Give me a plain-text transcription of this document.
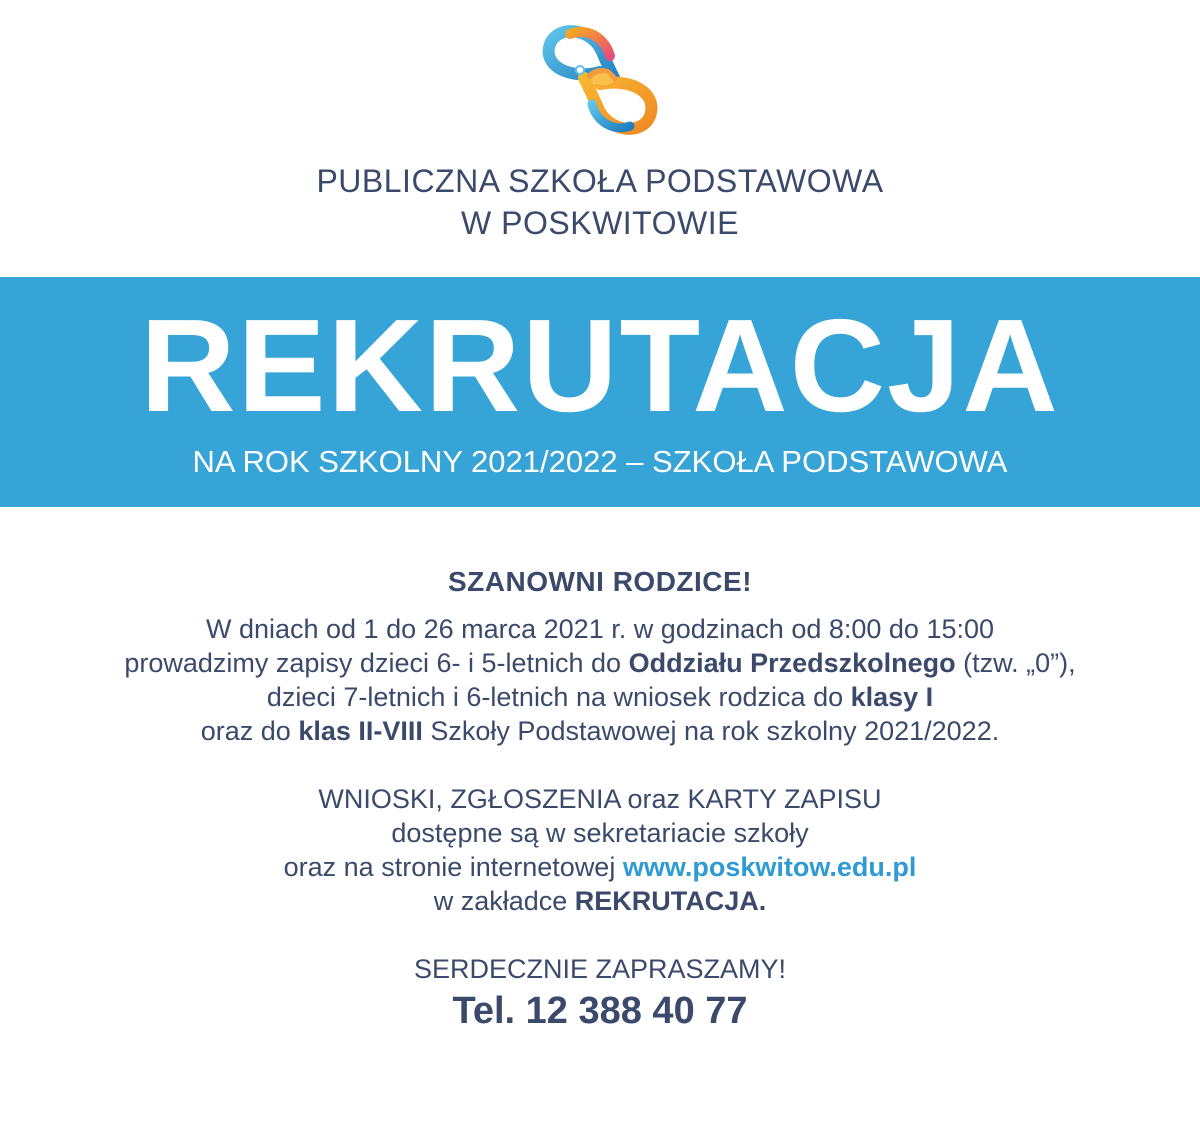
PUBLICZNA SZKOŁA PODSTAWOWA
W POSKWITOWIE
REKRUTACJA
NA ROK SZKOLNY 2021/2022 – SZKOŁA PODSTAWOWA
SZANOWNI RODZICE!
W dniach od 1 do 26 marca 2021 r. w godzinach od 8:00 do 15:00
prowadzimy zapisy dzieci 6- i 5-letnich do Oddziału Przedszkolnego (tzw. „0”),
dzieci 7-letnich i 6-letnich na wniosek rodzica do klasy I
oraz do klas II-VIII Szkoły Podstawowej na rok szkolny 2021/2022.
WNIOSKI, ZGŁOSZENIA oraz KARTY ZAPISU
dostępne są w sekretariacie szkoły
oraz na stronie internetowej www.poskwitow.edu.pl
w zakładce REKRUTACJA.
SERDECZNIE ZAPRASZAMY!
Tel. 12 388 40 77
